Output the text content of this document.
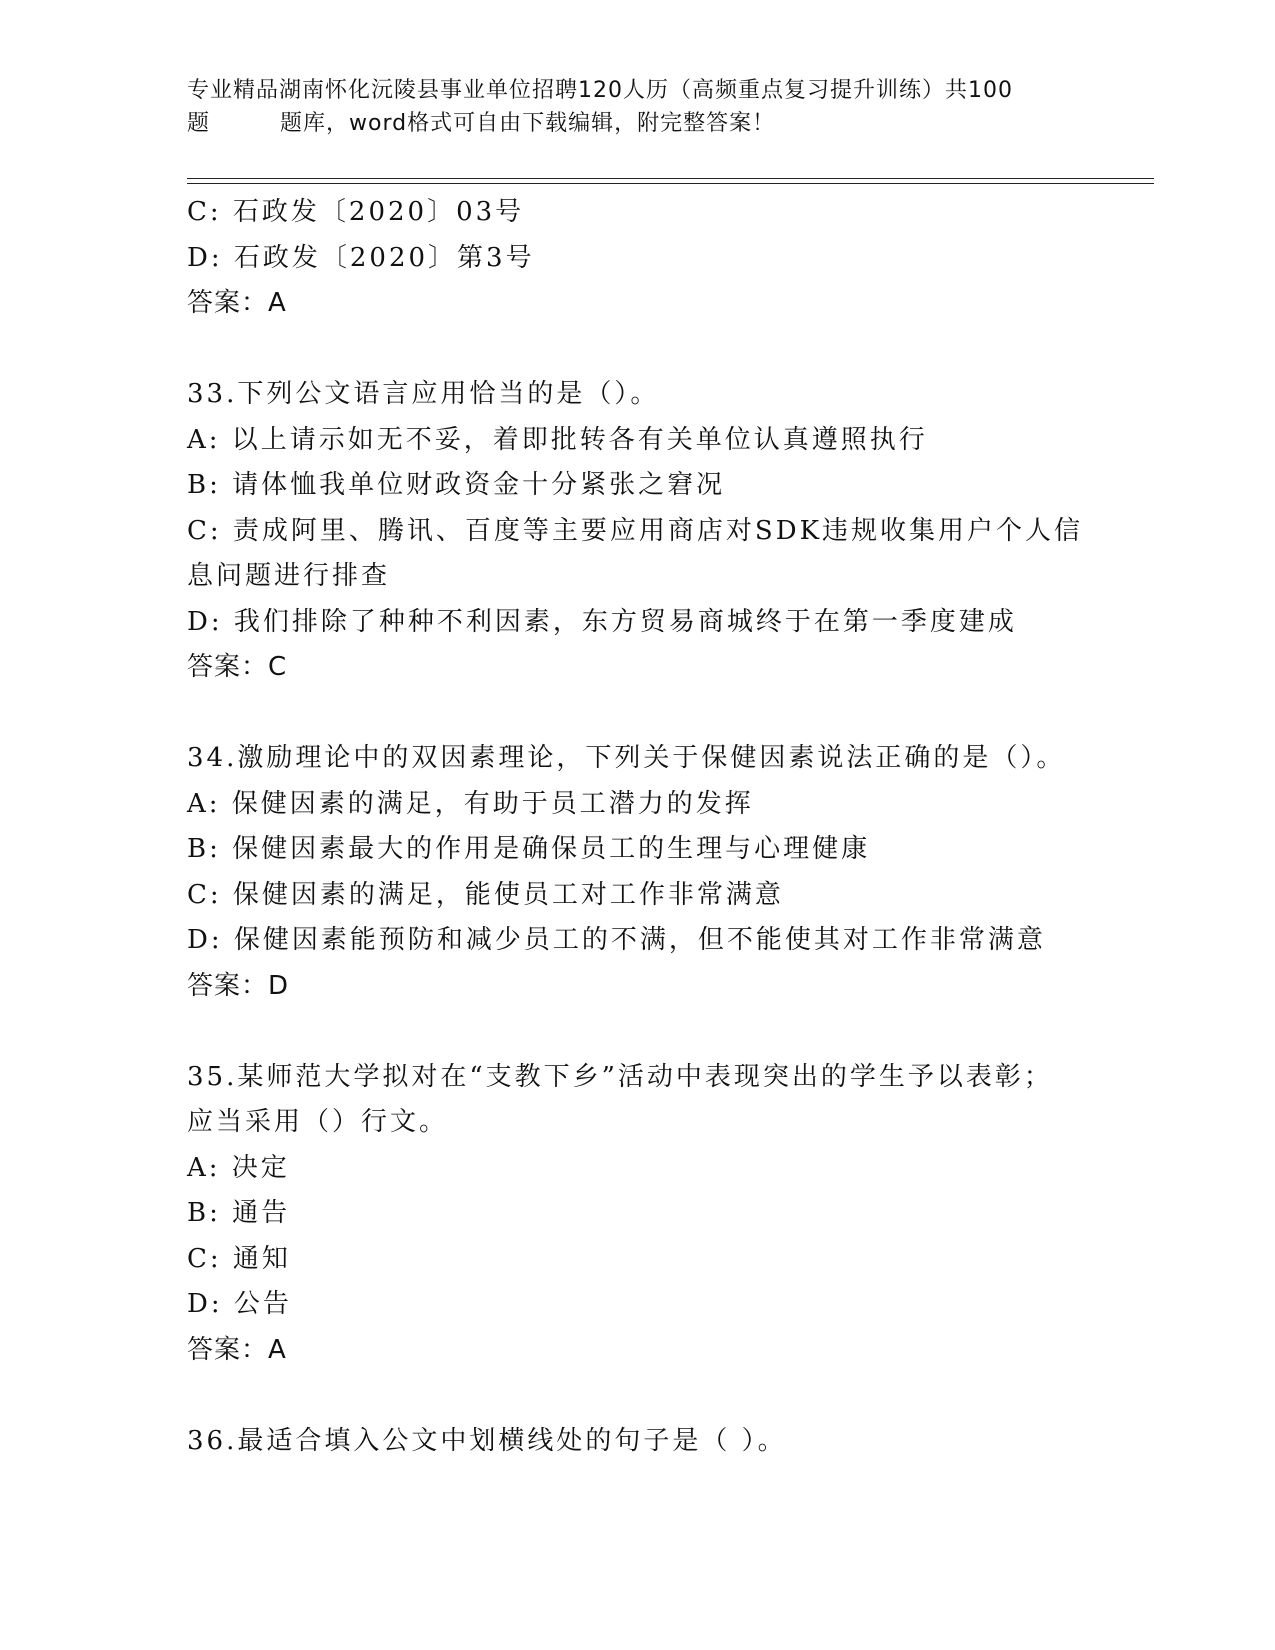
专业精品湖南怀化沅陵县事业单位招聘120人历（高频重点复习提升训练）共100
题	题库，word格式可自由下载编辑，附完整答案！
C: 石政发〔2020〕03号
D: 石政发〔2020〕第3号
答案：A
33.下列公文语言应用恰当的是（）。
A: 以上请示如无不妥，着即批转各有关单位认真遵照执行
B: 请体恤我单位财政资金十分紧张之窘况
C: 责成阿里、腾讯、百度等主要应用商店对SDK违规收集用户个人信
息问题进行排查
D: 我们排除了种种不利因素，东方贸易商城终于在第一季度建成
答案：C
34.激励理论中的双因素理论，下列关于保健因素说法正确的是（）。
A: 保健因素的满足，有助于员工潜力的发挥
B: 保健因素最大的作用是确保员工的生理与心理健康
C: 保健因素的满足，能使员工对工作非常满意
D: 保健因素能预防和减少员工的不满，但不能使其对工作非常满意
答案：D
35.某师范大学拟对在“支教下乡”活动中表现突出的学生予以表彰；
应当采用（）行文。
A: 决定
B: 通告
C: 通知
D: 公告
答案：A
36.最适合填入公文中划横线处的句子是（ ）。
